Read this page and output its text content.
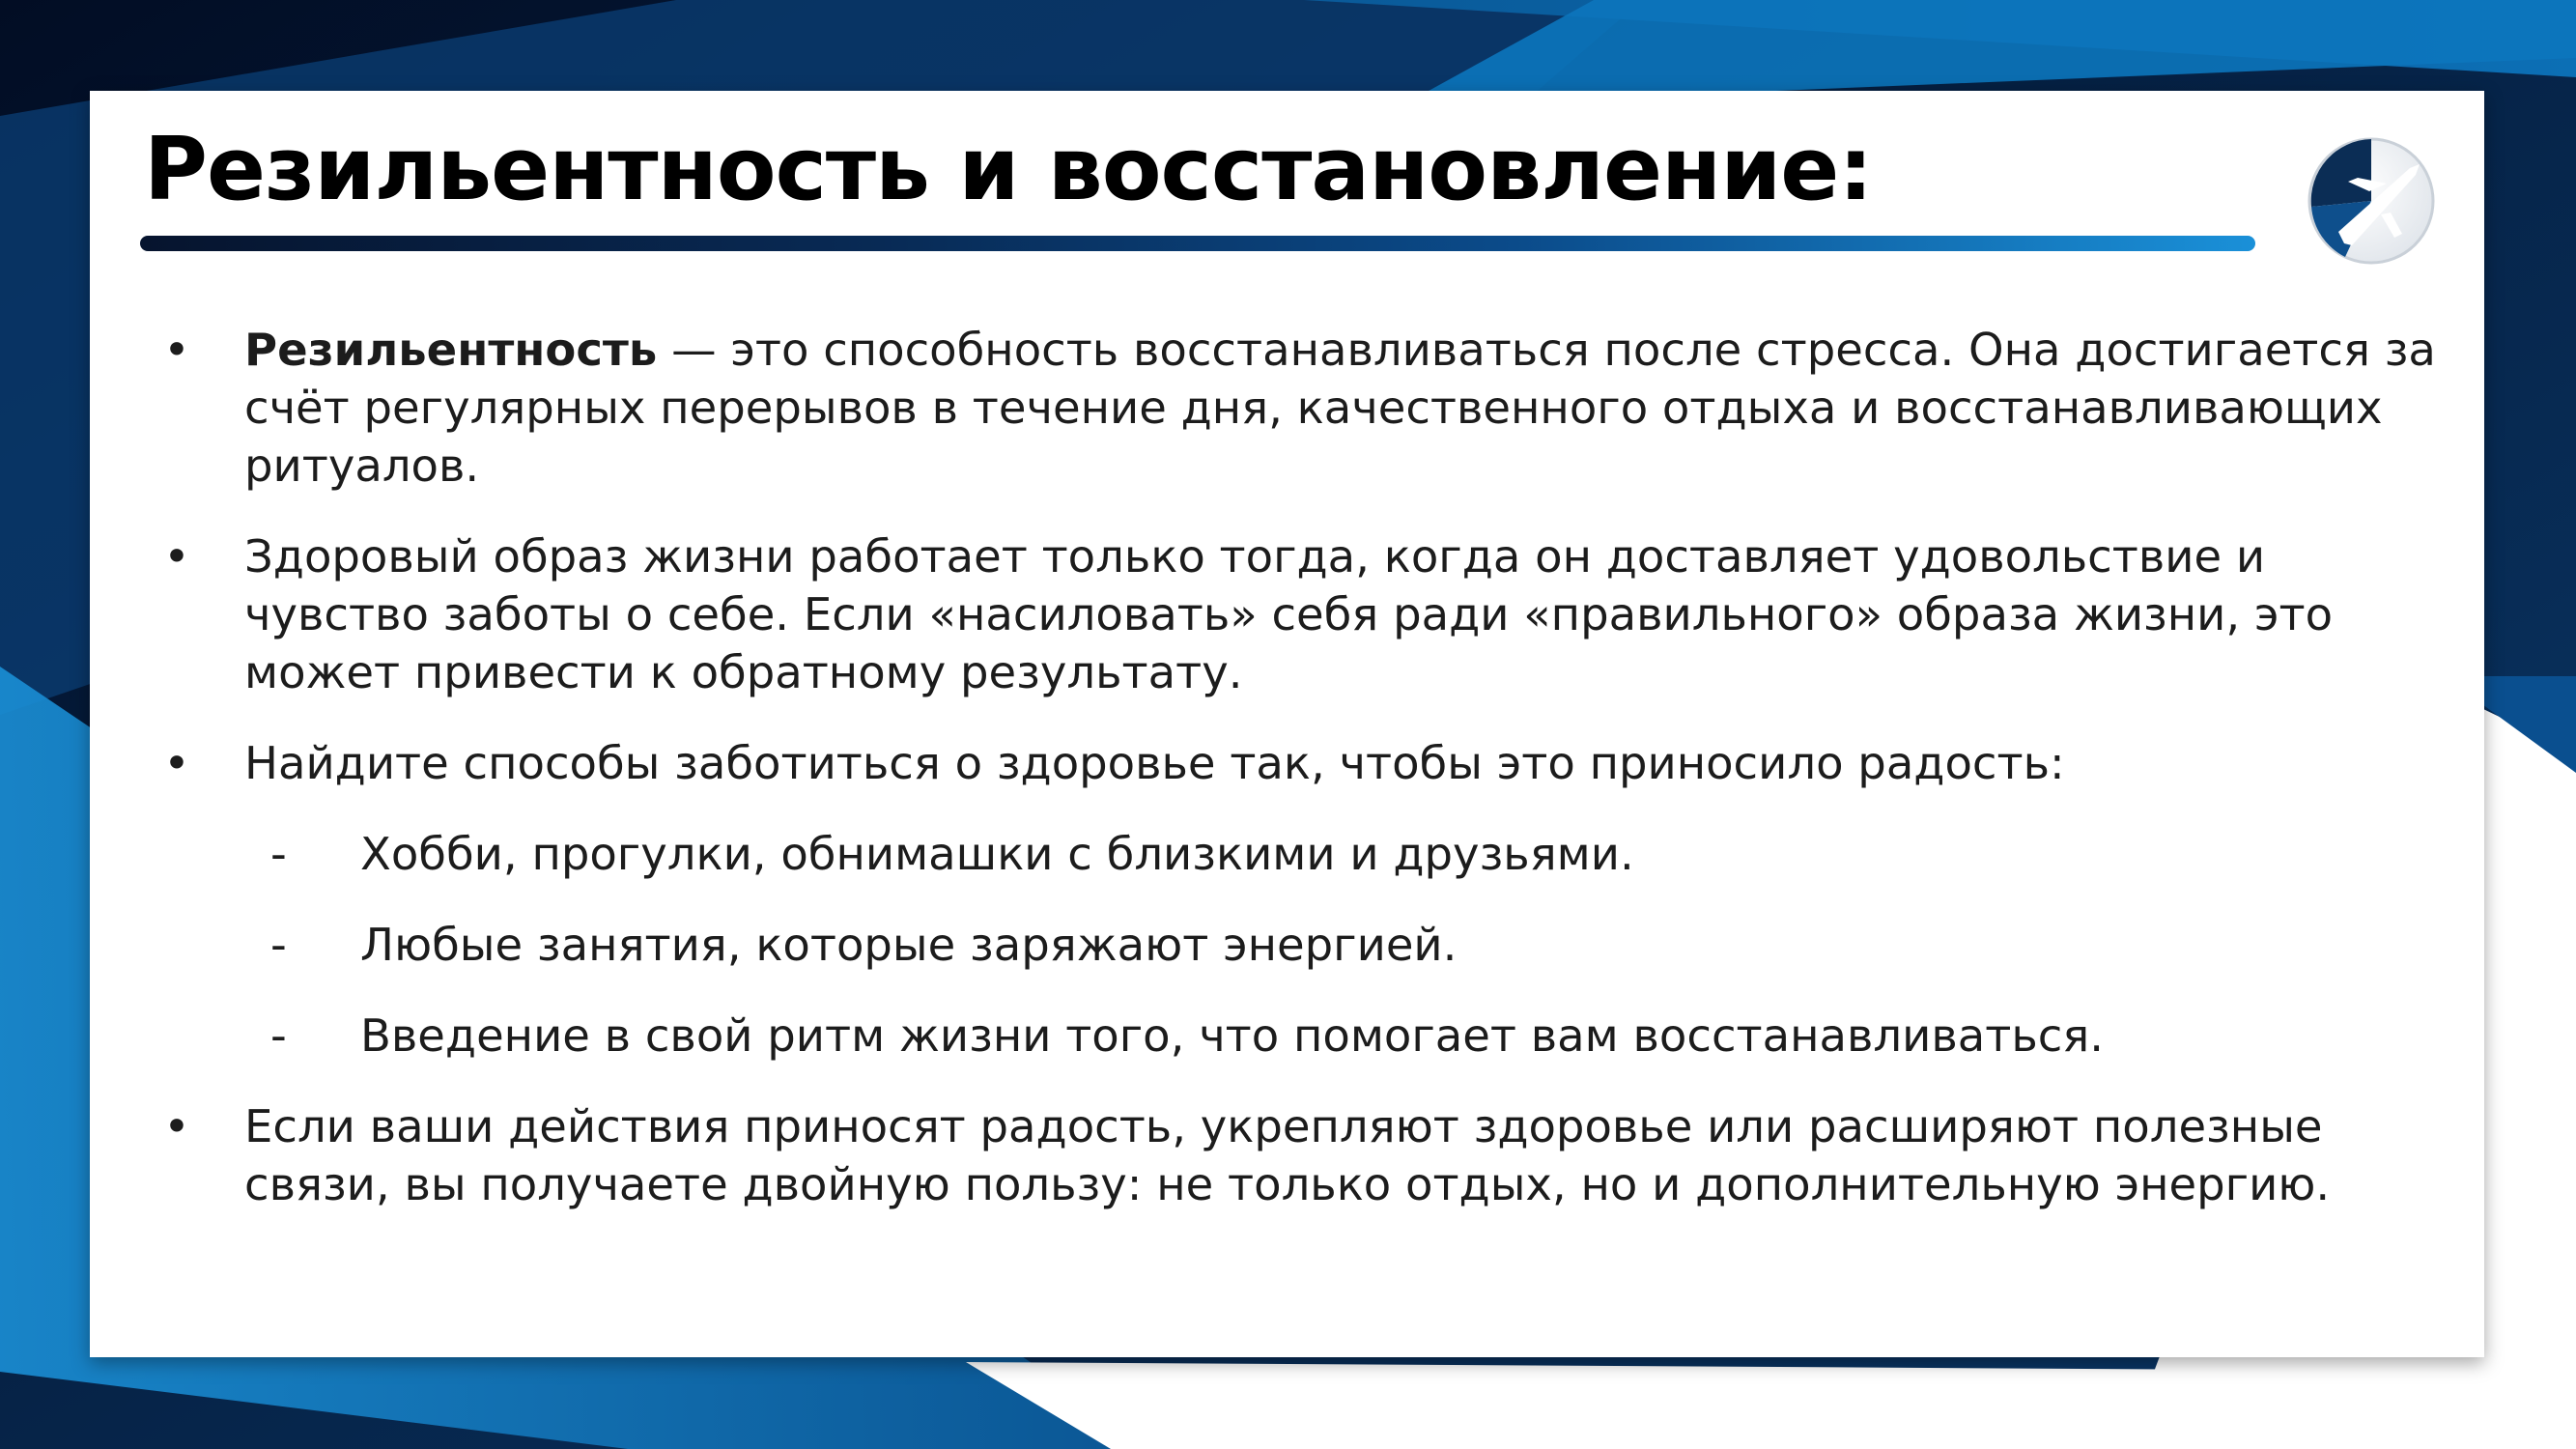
Резильентность и восстановление:
• Резильентность — это способность восстанавливаться после стресса. Она достигается за счёт регулярных перерывов в течение дня, качественного отдыха и восстанавливающих ритуалов.
• Здоровый образ жизни работает только тогда, когда он доставляет удовольствие и чувство заботы о себе. Если «насиловать» себя ради «правильного» образа жизни, это может привести к обратному результату.
• Найдите способы заботиться о здоровье так, чтобы это приносило радость:
- Хобби, прогулки, обнимашки с близкими и друзьями.
- Любые занятия, которые заряжают энергией.
- Введение в свой ритм жизни того, что помогает вам восстанавливаться.
• Если ваши действия приносят радость, укрепляют здоровье или расширяют полезные связи, вы получаете двойную пользу: не только отдых, но и дополнительную энергию.
